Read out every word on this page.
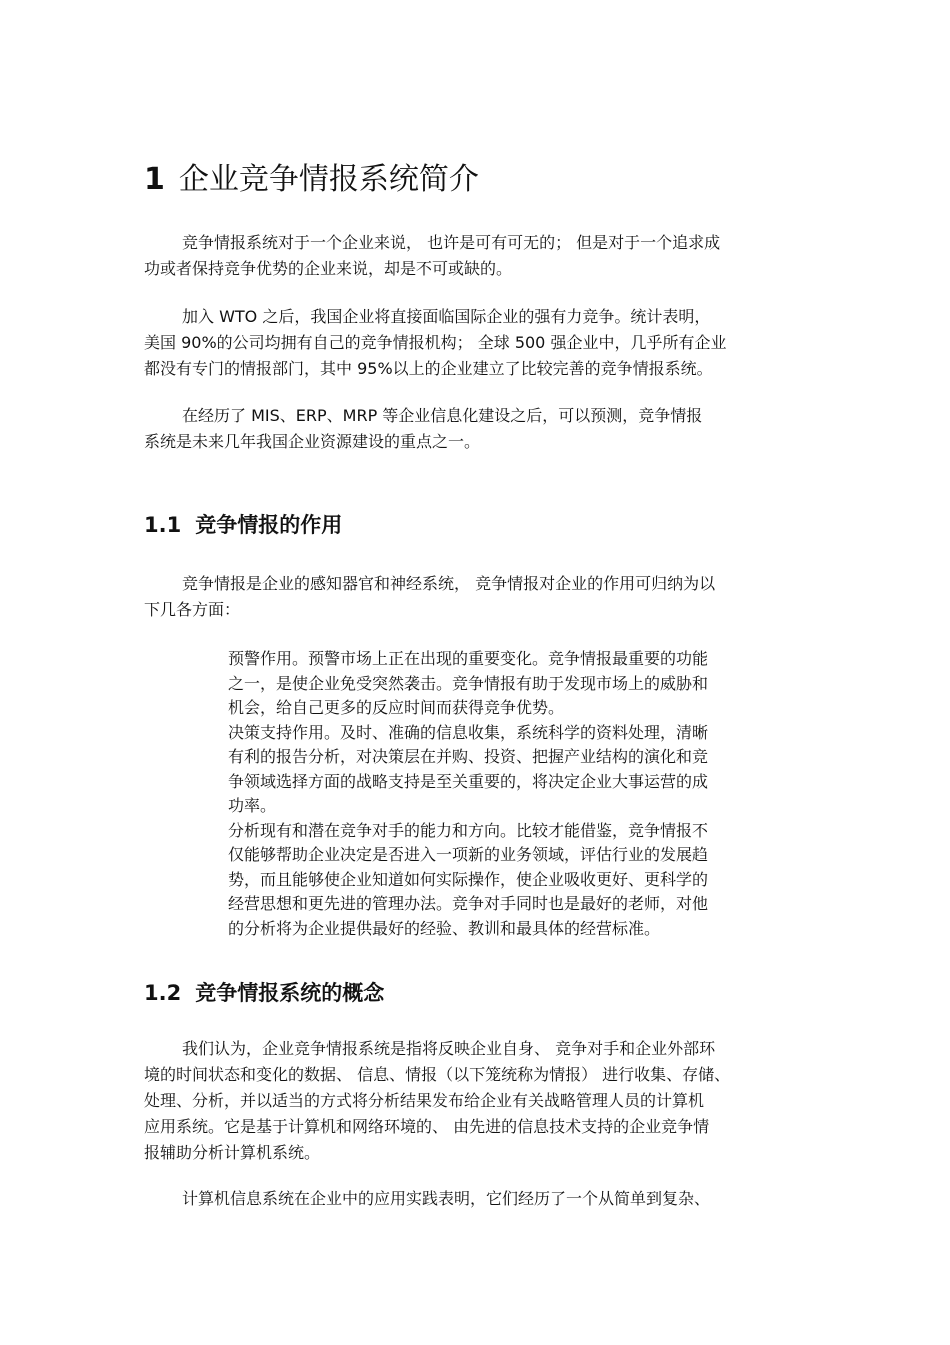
1 企业竞争情报系统简介
竞争情报系统对于一个企业来说， 也许是可有可无的； 但是对于一个追求成
功或者保持竞争优势的企业来说，却是不可或缺的。
加入 WTO 之后，我国企业将直接面临国际企业的强有力竞争。统计表明，
美国 90%的公司均拥有自己的竞争情报机构； 全球 500 强企业中，几乎所有企业
都没有专门的情报部门，其中 95%以上的企业建立了比较完善的竞争情报系统。
在经历了 MIS、ERP、MRP 等企业信息化建设之后，可以预测，竞争情报
系统是未来几年我国企业资源建设的重点之一。
1.1 竞争情报的作用
竞争情报是企业的感知器官和神经系统， 竞争情报对企业的作用可归纳为以
下几各方面：
预警作用。预警市场上正在出现的重要变化。竞争情报最重要的功能
之一，是使企业免受突然袭击。竞争情报有助于发现市场上的威胁和
机会，给自己更多的反应时间而获得竞争优势。
决策支持作用。及时、准确的信息收集，系统科学的资料处理，清晰
有利的报告分析，对决策层在并购、投资、把握产业结构的演化和竞
争领域选择方面的战略支持是至关重要的，将决定企业大事运营的成
功率。
分析现有和潜在竞争对手的能力和方向。比较才能借鉴，竞争情报不
仅能够帮助企业决定是否进入一项新的业务领域，评估行业的发展趋
势，而且能够使企业知道如何实际操作，使企业吸收更好、更科学的
经营思想和更先进的管理办法。竞争对手同时也是最好的老师，对他
的分析将为企业提供最好的经验、教训和最具体的经营标准。
1.2 竞争情报系统的概念
我们认为，企业竞争情报系统是指将反映企业自身、 竞争对手和企业外部环
境的时间状态和变化的数据、 信息、情报（以下笼统称为情报） 进行收集、存储、
处理、分析，并以适当的方式将分析结果发布给企业有关战略管理人员的计算机
应用系统。它是基于计算机和网络环境的、 由先进的信息技术支持的企业竞争情
报辅助分析计算机系统。
计算机信息系统在企业中的应用实践表明，它们经历了一个从简单到复杂、
